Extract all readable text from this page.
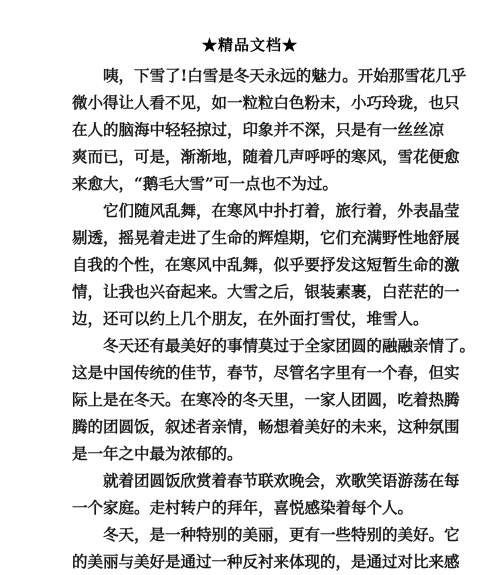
★精品文档★
　　咦，下雪了!白雪是冬天永远的魅力。开始那雪花几乎
微小得让人看不见，如一粒粒白色粉末，小巧玲珑，也只
在人的脑海中轻轻掠过，印象并不深，只是有一丝丝凉
爽而已，可是，渐渐地，随着几声呼呼的寒风，雪花便愈
来愈大，“鹅毛大雪”可一点也不为过。
　　它们随风乱舞，在寒风中扑打着，旅行着，外表晶莹
剔透，摇晃着走进了生命的辉煌期，它们充满野性地舒展
自我的个性，在寒风中乱舞，似乎要抒发这短暂生命的激
情，让我也兴奋起来。大雪之后，银装素裹，白茫茫的一
边，还可以约上几个朋友，在外面打雪仗，堆雪人。
　　冬天还有最美好的事情莫过于全家团圆的融融亲情了。
这是中国传统的佳节，春节，尽管名字里有一个春，但实
际上是在冬天。在寒冷的冬天里，一家人团圆，吃着热腾
腾的团圆饭，叙述者亲情，畅想着美好的未来，这种氛围
是一年之中最为浓郁的。
　　就着团圆饭欣赏着春节联欢晚会，欢歌笑语游荡在每
一个家庭。走村转户的拜年，喜悦感染着每个人。
　　冬天，是一种特别的美丽，更有一些特别的美好。它
的美丽与美好是通过一种反衬来体现的，是通过对比来感
